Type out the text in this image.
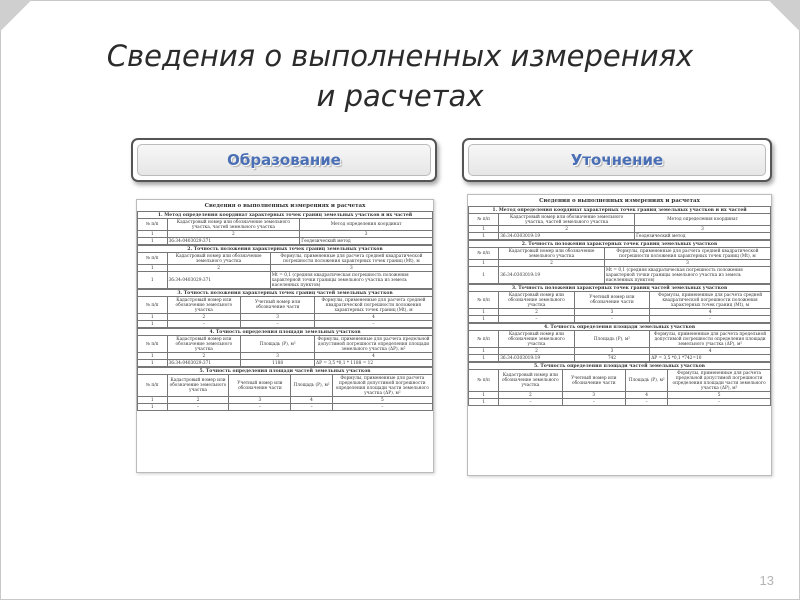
Сведения о выполненных измерениях
и расчетах
Образование	Уточнение
Сведения о выполненных измерениях и расчетах
1. Метод определения координат характерных точек границ земельных участков и их частей		
№ п/п	Кадастровый номер или обозначение земельного участка, частей земельного участка	Метод определения координат
1	2	3
1	36:34:0403029:371	Геодезический метод
2. Точность положения характерных точек границ земельных участков		
№ п/п	Кадастровый номер или обозначение земельного участка	Формулы, примененные для расчета средней квадратической погрешности положения характерных точек границ (Mt), м
1	2	3
1	36:34:0403029:371	Mt = 0,1 (средняя квадратическая погрешность положения характерной точки границы земельного участка из земель населенных пунктов)
3. Точность положения характерных точек границ частей земельных участков			
№ п/п	Кадастровый номер или обозначение земельного участка	Учетный номер или обозначение части	Формулы, примененные для расчета средней квадратической погрешности положения характерных точек границ (Mt), м
1	2	3	4
1	–	–	–
4. Точность определения площади земельных участков			
№ п/п	Кадастровый номер или обозначение земельного участка	Площадь (P), м²	Формулы, примененные для расчета предельной допустимой погрешности определения площади земельного участка (ΔP), м²
1	2	3	4
1	36:34:0403029:371	1188	ΔP = 3,5 *0,1 * 1188 = 12
5. Точность определения площади частей земельных участков				
№ п/п	Кадастровый номер или обозначение земельного участка	Учетный номер или обозначение части	Площадь (P), м²	Формулы, примененные для расчета предельной допустимой погрешности определения площади части земельного участка (ΔP), м²
1	2	3	4	5
1	–	–	–	–
Сведения о выполненных измерениях и расчетах
1. Метод определения координат характерных точек границ земельных участков и их частей		
№ п/п	Кадастровый номер или обозначение земельного участка, частей земельного участка	Метод определения координат
1	2	3
1	36:34:0303019:19	Геодезический метод
2. Точность положения характерных точек границ земельных участков		
№ п/п	Кадастровый номер или обозначение земельного участка	Формулы, примененные для расчета средней квадратической погрешности положения характерных точек границ (Mt), м
1	2	3
1	36:34:0303019:19	Mt = 0,1 (средняя квадратическая погрешность положения характерной точки границы земельного участка из земель населенных пунктов)
3. Точность положения характерных точек границ частей земельных участков			
№ п/п	Кадастровый номер или обозначение земельного участка	Учетный номер или обозначение части	Формулы, примененные для расчета средней квадратической погрешности положения характерных точек границ (Mt), м
1	2	3	4
1	–	–	–
4. Точность определения площади земельных участков			
№ п/п	Кадастровый номер или обозначение земельного участка	Площадь (P), м²	Формулы, примененные для расчета предельной допустимой погрешности определения площади земельного участка (ΔP), м²
1	2	3	4
1	36:34:0303019:19	742	ΔP = 3,5 *0,1 *742=10
5. Точность определения площади частей земельных участков				
№ п/п	Кадастровый номер или обозначение земельного участка	Учетный номер или обозначение части	Площадь (P), м²	Формулы, примененные для расчета предельной допустимой погрешности определения площади части земельного участка (ΔP), м²
1	2	3	4	5
1	–	–	–	–
13
